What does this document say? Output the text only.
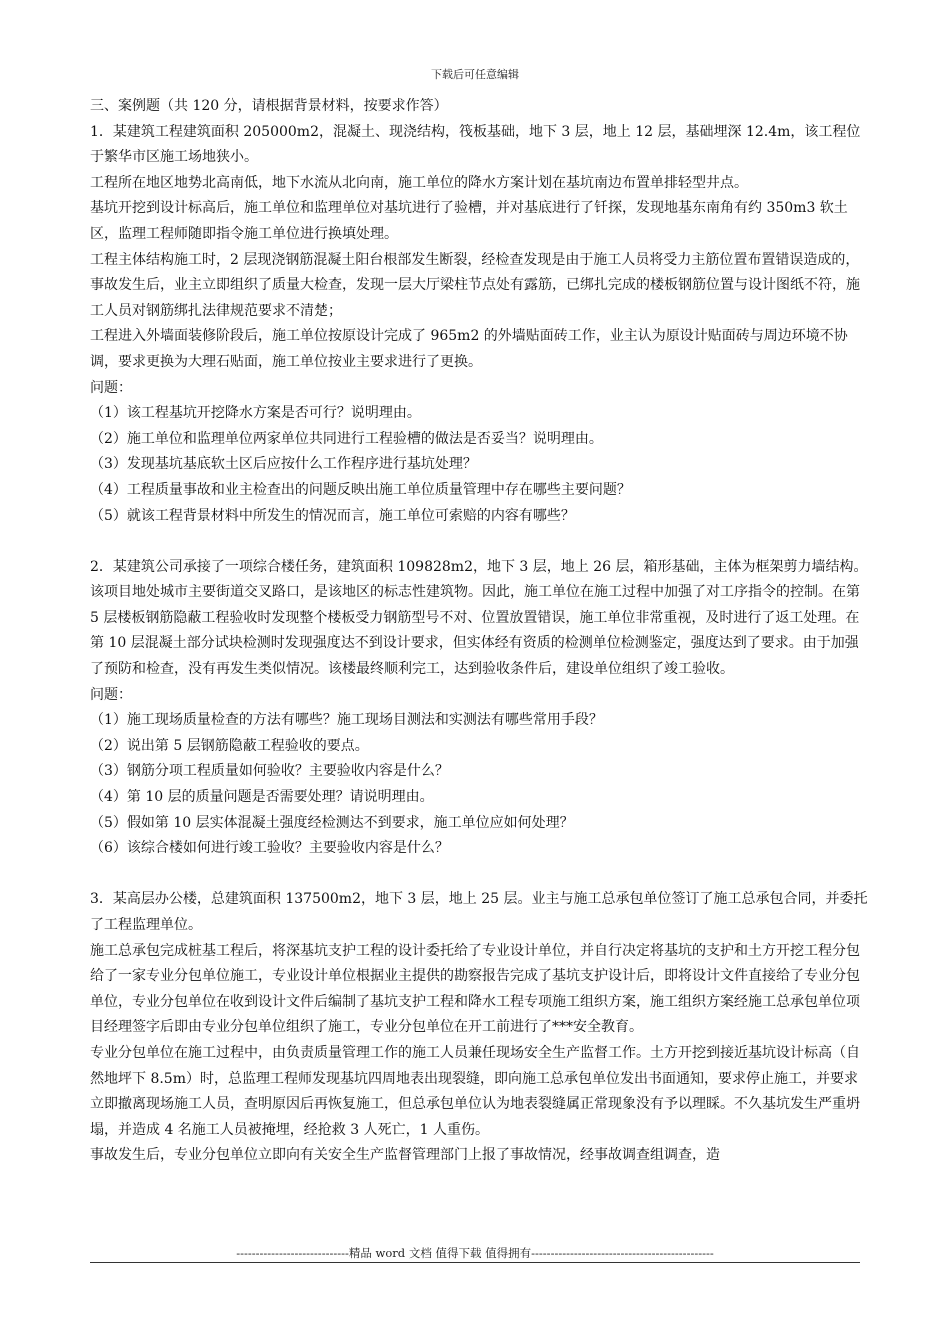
下载后可任意编辑

三、案例题（共 120 分，请根据背景材料，按要求作答）

1．某建筑工程建筑面积 205000m2，混凝土、现浇结构，筏板基础，地下 3 层，地上 12 层，基础埋深 12.4m，该工程位于繁华市区施工场地狭小。

工程所在地区地势北高南低，地下水流从北向南，施工单位的降水方案计划在基坑南边布置单排轻型井点。

基坑开挖到设计标高后，施工单位和监理单位对基坑进行了验槽，并对基底进行了钎探，发现地基东南角有约 350m3 软土区，监理工程师随即指令施工单位进行换填处理。

工程主体结构施工时，2 层现浇钢筋混凝土阳台根部发生断裂，经检查发现是由于施工人员将受力主筋位置布置错误造成的，事故发生后，业主立即组织了质量大检查，发现一层大厅梁柱节点处有露筋，已绑扎完成的楼板钢筋位置与设计图纸不符，施工人员对钢筋绑扎法律规范要求不清楚；

工程进入外墙面装修阶段后，施工单位按原设计完成了 965m2 的外墙贴面砖工作，业主认为原设计贴面砖与周边环境不协调，要求更换为大理石贴面，施工单位按业主要求进行了更换。

问题：

（1）该工程基坑开挖降水方案是否可行？说明理由。

（2）施工单位和监理单位两家单位共同进行工程验槽的做法是否妥当？说明理由。

（3）发现基坑基底软土区后应按什么工作程序进行基坑处理？

（4）工程质量事故和业主检查出的问题反映出施工单位质量管理中存在哪些主要问题？

（5）就该工程背景材料中所发生的情况而言，施工单位可索赔的内容有哪些？

2．某建筑公司承接了一项综合楼任务，建筑面积 109828m2，地下 3 层，地上 26 层，箱形基础，主体为框架剪力墙结构。该项目地处城市主要街道交叉路口，是该地区的标志性建筑物。因此，施工单位在施工过程中加强了对工序指令的控制。在第 5 层楼板钢筋隐蔽工程验收时发现整个楼板受力钢筋型号不对、位置放置错误，施工单位非常重视，及时进行了返工处理。在第 10 层混凝土部分试块检测时发现强度达不到设计要求，但实体经有资质的检测单位检测鉴定，强度达到了要求。由于加强了预防和检查，没有再发生类似情况。该楼最终顺利完工，达到验收条件后，建设单位组织了竣工验收。

问题：

（1）施工现场质量检查的方法有哪些？施工现场目测法和实测法有哪些常用手段？

（2）说出第 5 层钢筋隐蔽工程验收的要点。

（3）钢筋分项工程质量如何验收？主要验收内容是什么？

（4）第 10 层的质量问题是否需要处理？请说明理由。

（5）假如第 10 层实体混凝土强度经检测达不到要求，施工单位应如何处理？

（6）该综合楼如何进行竣工验收？主要验收内容是什么？

3．某高层办公楼，总建筑面积 137500m2，地下 3 层，地上 25 层。业主与施工总承包单位签订了施工总承包合同，并委托了工程监理单位。

施工总承包完成桩基工程后，将深基坑支护工程的设计委托给了专业设计单位，并自行决定将基坑的支护和土方开挖工程分包给了一家专业分包单位施工，专业设计单位根据业主提供的勘察报告完成了基坑支护设计后，即将设计文件直接给了专业分包单位，专业分包单位在收到设计文件后编制了基坑支护工程和降水工程专项施工组织方案，施工组织方案经施工总承包单位项目经理签字后即由专业分包单位组织了施工，专业分包单位在开工前进行了***安全教育。

专业分包单位在施工过程中，由负责质量管理工作的施工人员兼任现场安全生产监督工作。土方开挖到接近基坑设计标高（自然地坪下 8.5m）时，总监理工程师发现基坑四周地表出现裂缝，即向施工总承包单位发出书面通知，要求停止施工，并要求立即撤离现场施工人员，查明原因后再恢复施工，但总承包单位认为地表裂缝属正常现象没有予以理睬。不久基坑发生严重坍塌，并造成 4 名施工人员被掩埋，经抢救 3 人死亡，1 人重伤。

事故发生后，专业分包单位立即向有关安全生产监督管理部门上报了事故情况，经事故调查组调查，造

-----------------------------精品 word 文档 值得下载 值得拥有-----------------------------------------------
